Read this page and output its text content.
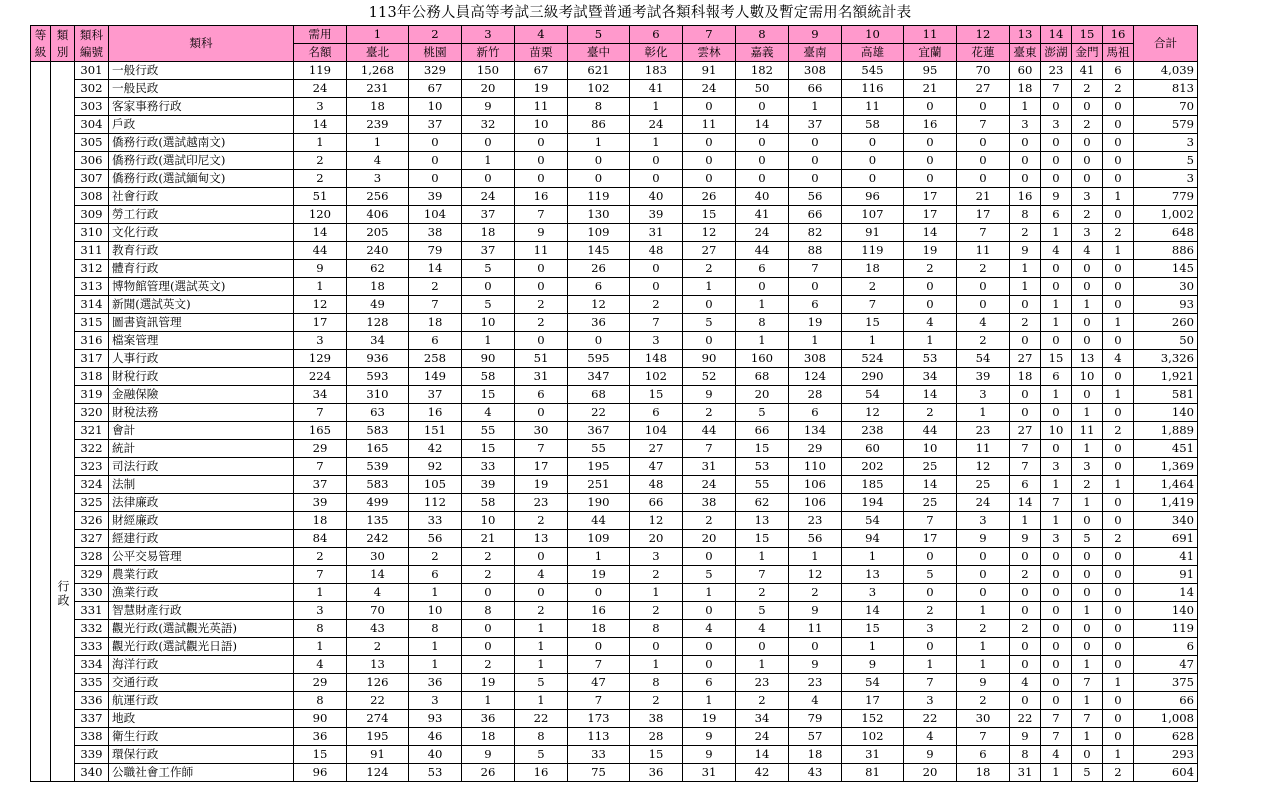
113年公務人員高等考試三級考試暨普通考試各類科報考人數及暫定需用名額統計表
等級	類別	類科編號	類科	需用	1	2	3	4	5	6	7	8	9	10	11	12	13	14	15	16	合計
				名額	臺北	桃園	新竹	苗栗	臺中	彰化	雲林	嘉義	臺南	高雄	宜蘭	花蓮	臺東	澎湖	金門	馬祖	

	行政	301	一般行政	119	1,268	329	150	67	621	183	91	182	308	545	95	70	60	23	41	6	4,039
		302	一般民政	24	231	67	20	19	102	41	24	50	66	116	21	27	18	7	2	2	813
		303	客家事務行政	3	18	10	9	11	8	1	0	0	1	11	0	0	1	0	0	0	70
		304	戶政	14	239	37	32	10	86	24	11	14	37	58	16	7	3	3	2	0	579
		305	僑務行政(選試越南文)	1	1	0	0	0	1	1	0	0	0	0	0	0	0	0	0	0	3
		306	僑務行政(選試印尼文)	2	4	0	1	0	0	0	0	0	0	0	0	0	0	0	0	0	5
		307	僑務行政(選試緬甸文)	2	3	0	0	0	0	0	0	0	0	0	0	0	0	0	0	0	3
		308	社會行政	51	256	39	24	16	119	40	26	40	56	96	17	21	16	9	3	1	779
		309	勞工行政	120	406	104	37	7	130	39	15	41	66	107	17	17	8	6	2	0	1,002
		310	文化行政	14	205	38	18	9	109	31	12	24	82	91	14	7	2	1	3	2	648
		311	教育行政	44	240	79	37	11	145	48	27	44	88	119	19	11	9	4	4	1	886
		312	體育行政	9	62	14	5	0	26	0	2	6	7	18	2	2	1	0	0	0	145
		313	博物館管理(選試英文)	1	18	2	0	0	6	0	1	0	0	2	0	0	1	0	0	0	30
		314	新聞(選試英文)	12	49	7	5	2	12	2	0	1	6	7	0	0	0	1	1	0	93
		315	圖書資訊管理	17	128	18	10	2	36	7	5	8	19	15	4	4	2	1	0	1	260
		316	檔案管理	3	34	6	1	0	0	3	0	1	1	1	1	2	0	0	0	0	50
		317	人事行政	129	936	258	90	51	595	148	90	160	308	524	53	54	27	15	13	4	3,326
		318	財稅行政	224	593	149	58	31	347	102	52	68	124	290	34	39	18	6	10	0	1,921
		319	金融保險	34	310	37	15	6	68	15	9	20	28	54	14	3	0	1	0	1	581
		320	財稅法務	7	63	16	4	0	22	6	2	5	6	12	2	1	0	0	1	0	140
		321	會計	165	583	151	55	30	367	104	44	66	134	238	44	23	27	10	11	2	1,889
		322	統計	29	165	42	15	7	55	27	7	15	29	60	10	11	7	0	1	0	451
		323	司法行政	7	539	92	33	17	195	47	31	53	110	202	25	12	7	3	3	0	1,369
		324	法制	37	583	105	39	19	251	48	24	55	106	185	14	25	6	1	2	1	1,464
		325	法律廉政	39	499	112	58	23	190	66	38	62	106	194	25	24	14	7	1	0	1,419
		326	財經廉政	18	135	33	10	2	44	12	2	13	23	54	7	3	1	1	0	0	340
		327	經建行政	84	242	56	21	13	109	20	20	15	56	94	17	9	9	3	5	2	691
		328	公平交易管理	2	30	2	2	0	1	3	0	1	1	1	0	0	0	0	0	0	41
		329	農業行政	7	14	6	2	4	19	2	5	7	12	13	5	0	2	0	0	0	91
		330	漁業行政	1	4	1	0	0	0	1	1	2	2	3	0	0	0	0	0	0	14
		331	智慧財產行政	3	70	10	8	2	16	2	0	5	9	14	2	1	0	0	1	0	140
		332	觀光行政(選試觀光英語)	8	43	8	0	1	18	8	4	4	11	15	3	2	2	0	0	0	119
		333	觀光行政(選試觀光日語)	1	2	1	0	1	0	0	0	0	0	1	0	1	0	0	0	0	6
		334	海洋行政	4	13	1	2	1	7	1	0	1	9	9	1	1	0	0	1	0	47
		335	交通行政	29	126	36	19	5	47	8	6	23	23	54	7	9	4	0	7	1	375
		336	航運行政	8	22	3	1	1	7	2	1	2	4	17	3	2	0	0	1	0	66
		337	地政	90	274	93	36	22	173	38	19	34	79	152	22	30	22	7	7	0	1,008
		338	衛生行政	36	195	46	18	8	113	28	9	24	57	102	4	7	9	7	1	0	628
		339	環保行政	15	91	40	9	5	33	15	9	14	18	31	9	6	8	4	0	1	293
		340	公職社會工作師	96	124	53	26	16	75	36	31	42	43	81	20	18	31	1	5	2	604
